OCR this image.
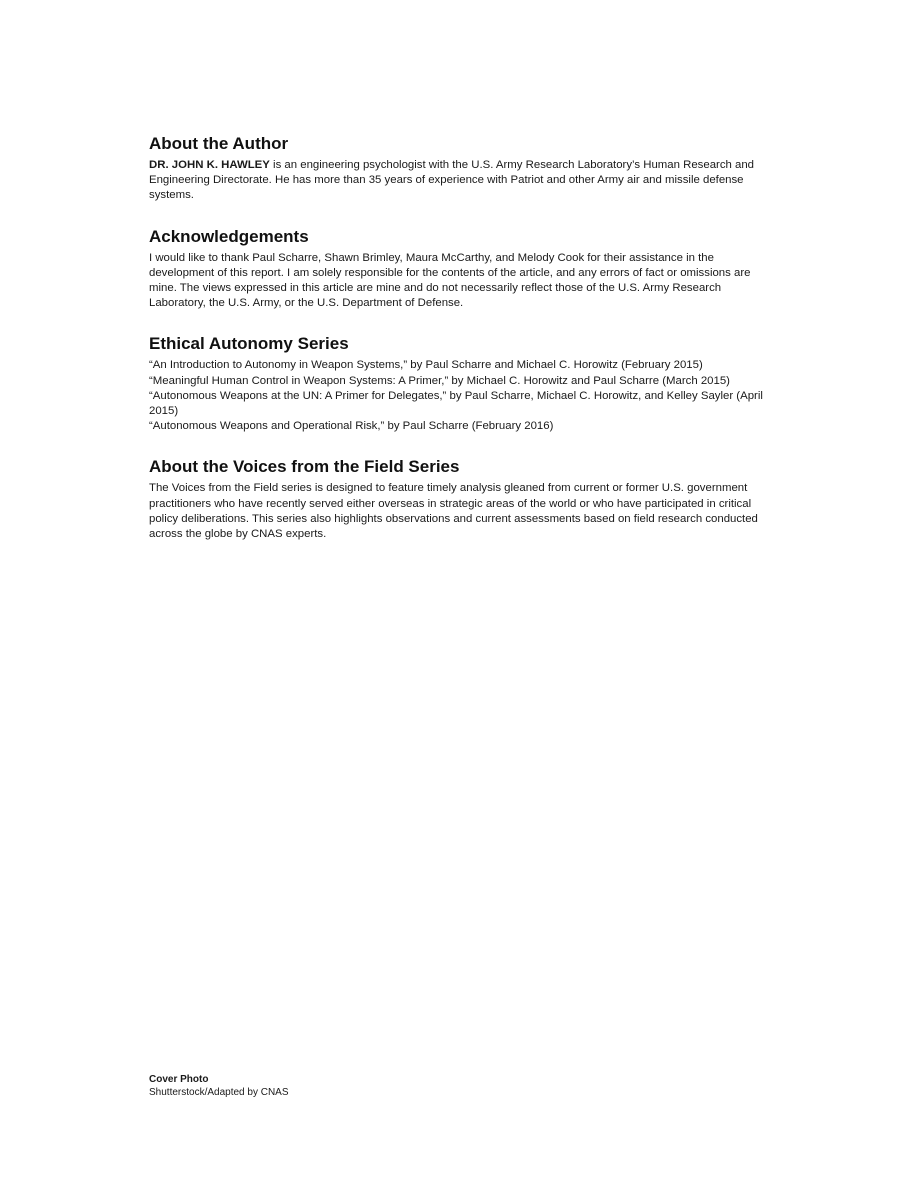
About the Author

DR. JOHN K. HAWLEY is an engineering psychologist with the U.S. Army Research Laboratory’s Human Research and Engineering Directorate. He has more than 35 years of experience with Patriot and other Army air and missile defense systems.

Acknowledgements

I would like to thank Paul Scharre, Shawn Brimley, Maura McCarthy, and Melody Cook for their assistance in the development of this report. I am solely responsible for the contents of the article, and any errors of fact or omissions are mine. The views expressed in this article are mine and do not necessarily reflect those of the U.S. Army Research Laboratory, the U.S. Army, or the U.S. Department of Defense.

Ethical Autonomy Series

“An Introduction to Autonomy in Weapon Systems,” by Paul Scharre and Michael C. Horowitz (February 2015)

“Meaningful Human Control in Weapon Systems: A Primer,” by Michael C. Horowitz and Paul Scharre (March 2015)

“Autonomous Weapons at the UN: A Primer for Delegates,” by Paul Scharre, Michael C. Horowitz, and Kelley Sayler (April 2015)

“Autonomous Weapons and Operational Risk,” by Paul Scharre (February 2016)

About the Voices from the Field Series

The Voices from the Field series is designed to feature timely analysis gleaned from current or former U.S. government practitioners who have recently served either overseas in strategic areas of the world or who have participated in critical policy deliberations. This series also highlights observations and current assessments based on field research conducted across the globe by CNAS experts.

Cover Photo
Shutterstock/Adapted by CNAS
